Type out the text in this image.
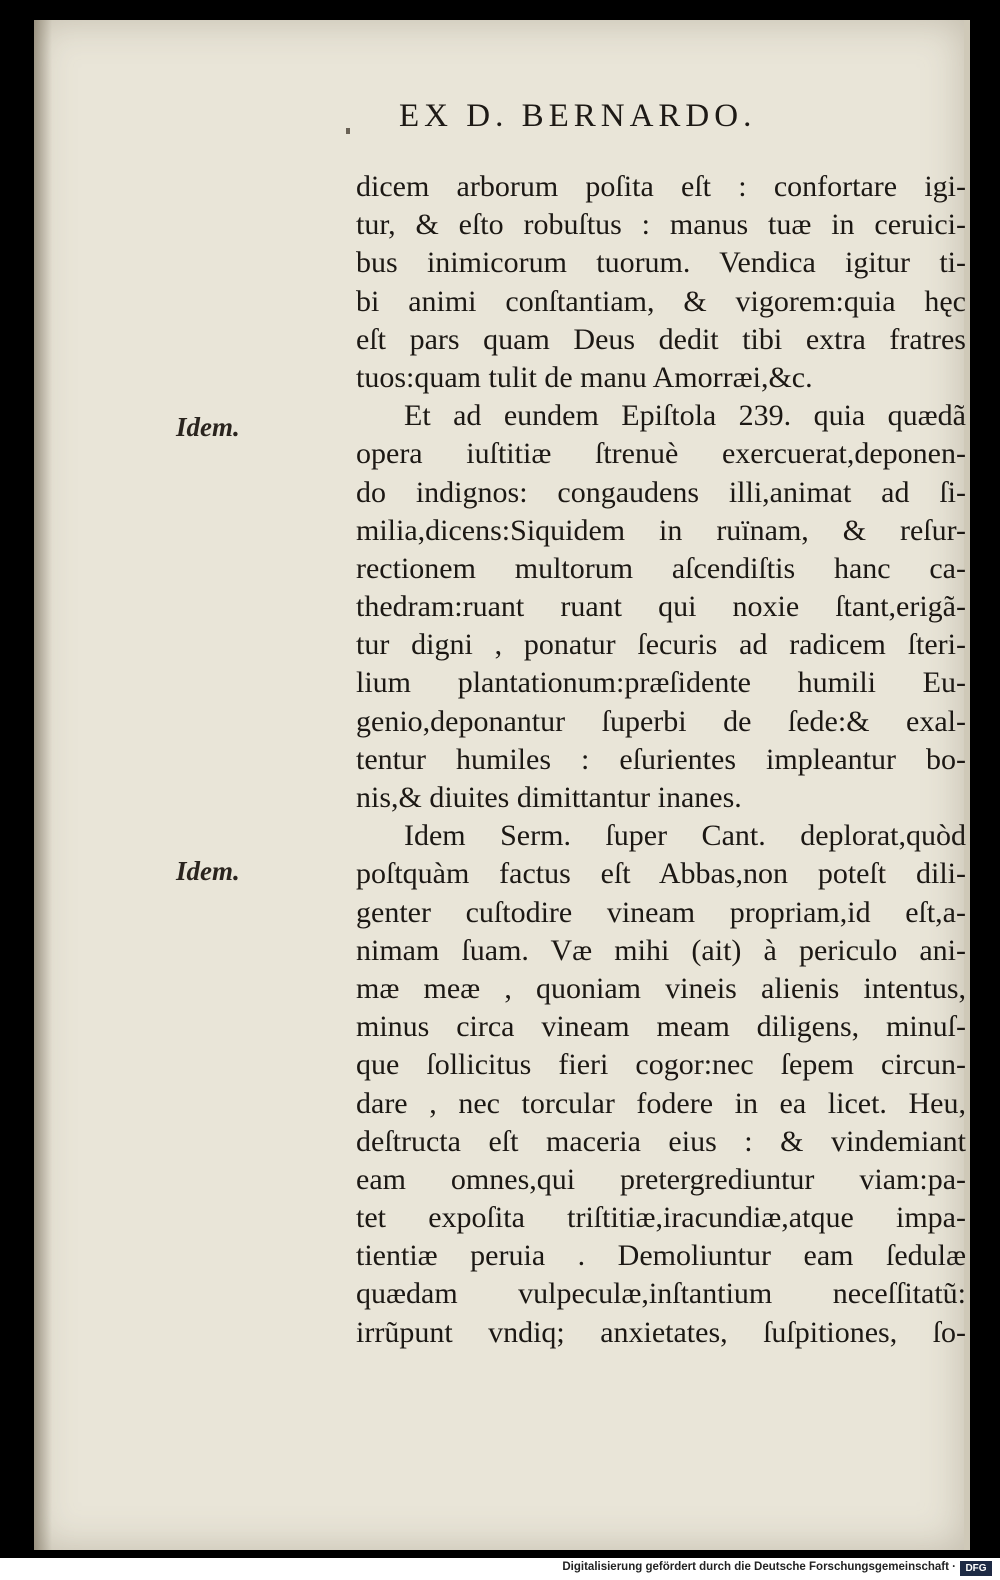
EX D. BERNARDO.
Idem.
Idem.
dicem arborum poſita eſt : confortare igi-
tur, & eſto robuſtus : manus tuæ in ceruici-
bus inimicorum tuorum. Vendica igitur ti-
bi animi conſtantiam, & vigorem:quia hęc
eſt pars quam Deus dedit tibi extra fratres
tuos:quam tulit de manu Amorræi,&c.
Et ad eundem Epiſtola 239. quia quædã
opera iuſtitiæ ſtrenuè exercuerat,deponen-
do indignos: congaudens illi,animat ad ſi-
milia,dicens:Siquidem in ruïnam, & reſur-
rectionem multorum aſcendiſtis hanc ca-
thedram:ruant ruant qui noxie ſtant,erigã-
tur digni , ponatur ſecuris ad radicem ſteri-
lium plantationum:præſidente humili Eu-
genio,deponantur ſuperbi de ſede:& exal-
tentur humiles : eſurientes impleantur bo-
nis,& diuites dimittantur inanes.
Idem Serm. ſuper Cant. deplorat,quòd
poſtquàm factus eſt Abbas,non poteſt dili-
genter cuſtodire vineam propriam,id eſt,a-
nimam ſuam. Væ mihi (ait) à periculo ani-
mæ meæ , quoniam vineis alienis intentus,
minus circa vineam meam diligens, minuſ-
que ſollicitus fieri cogor:nec ſepem circun-
dare , nec torcular fodere in ea licet. Heu,
deſtructa eſt maceria eius : & vindemiant
eam omnes,qui pretergrediuntur viam:pa-
tet expoſita triſtitiæ,iracundiæ,atque impa-
tientiæ peruia . Demoliuntur eam ſedulæ
quædam vulpeculæ,inſtantium neceſſitatũ:
irrũpunt vndiq; anxietates, ſuſpitiones, ſo-
Digitalisierung gefördert durch die Deutsche Forschungsgemeinschaft · DFG
